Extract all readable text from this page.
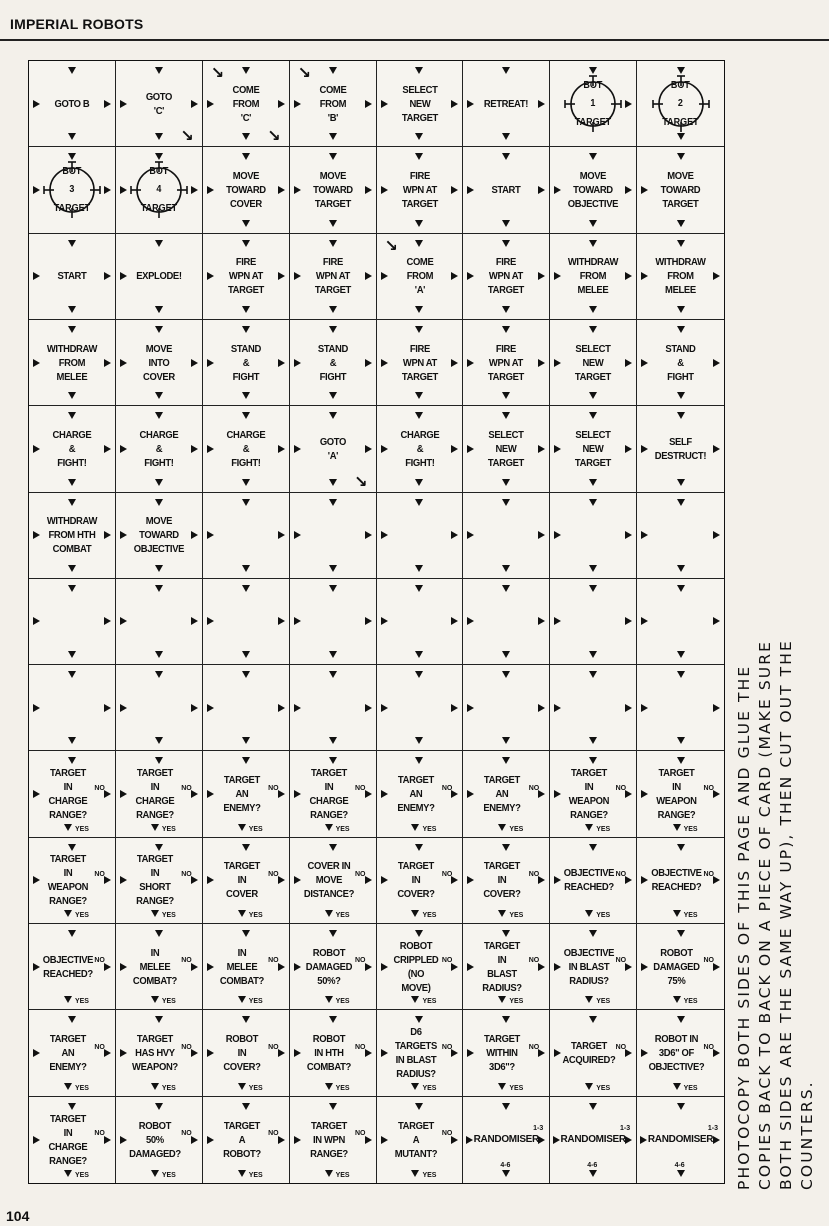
IMPERIAL ROBOTS
GOTO B
GOTO
'C'
↘
COME
FROM
'C'
↘
↘
COME
FROM
'B'
↘
SELECT
NEW
TARGET
RETREAT!
BOT
1
TARGET
BOT
2
TARGET
BOT
3
TARGET
BOT
4
TARGET
MOVE
TOWARD
COVER
MOVE
TOWARD
TARGET
FIRE
WPN AT
TARGET
START
MOVE
TOWARD
OBJECTIVE
MOVE
TOWARD
TARGET
START	EXPLODE!
FIRE
WPN AT
TARGET
FIRE
WPN AT
TARGET
COME
FROM
'A'
↘
FIRE
WPN AT
TARGET
WITHDRAW
FROM
MELEE
WITHDRAW
FROM
MELEE
WITHDRAW
FROM
MELEE
MOVE
INTO
COVER
STAND
&
FIGHT
STAND
&
FIGHT
FIRE
WPN AT
TARGET
FIRE
WPN AT
TARGET
SELECT
NEW
TARGET
STAND
&
FIGHT
CHARGE
&
FIGHT!
CHARGE
&
FIGHT!
CHARGE
&
FIGHT!
GOTO
'A'
↘
CHARGE
&
FIGHT!
SELECT
NEW
TARGET
SELECT
NEW
TARGET
SELF
DESTRUCT!
WITHDRAW
FROM HTH
COMBAT
MOVE
TOWARD
OBJECTIVE
TARGET IN
CHARGE
RANGE?
NO
YES
TARGET IN
CHARGE
RANGE?
NO
YES
TARGET
AN
ENEMY?
NO
YES
TARGET IN
CHARGE
RANGE?
NO
YES
TARGET
AN
ENEMY?
NO
YES
TARGET
AN
ENEMY?
NO
YES
TARGET IN
WEAPON
RANGE?
NO
YES
TARGET IN
WEAPON
RANGE?
NO
YES
TARGET IN
WEAPON
RANGE?
NO
YES
TARGET IN
SHORT
RANGE?
NO
YES
TARGET
IN
COVER
NO
YES
COVER IN
MOVE
DISTANCE?
NO
YES
TARGET
IN
COVER?
NO
YES
TARGET
IN
COVER?
NO
YES
OBJECTIVE
REACHED?
NO
YES
OBJECTIVE
REACHED?
NO
YES
OBJECTIVE
REACHED?
NO
YES
IN
MELEE
COMBAT?
NO
YES
IN
MELEE
COMBAT?
NO
YES
ROBOT
DAMAGED
50%?
NO
YES
ROBOT
CRIPPLED
(NO MOVE)
NO
YES
TARGET IN
BLAST
RADIUS?
NO
YES
OBJECTIVE
IN BLAST
RADIUS?
NO
YES
ROBOT
DAMAGED
75%
NO
YES
TARGET
AN
ENEMY?
NO
YES
TARGET
HAS HVY
WEAPON?
NO
YES
ROBOT
IN
COVER?
NO
YES
ROBOT
IN HTH
COMBAT?
NO
YES
D6 TARGETS
IN BLAST
RADIUS?
NO
YES
TARGET
WITHIN
3D6"?
NO
YES
TARGET
ACQUIRED?
NO
YES
ROBOT IN
3D6" OF
OBJECTIVE?
NO
YES
TARGET IN
CHARGE
RANGE?
NO
YES
ROBOT
50%
DAMAGED?
NO
YES
TARGET
A
ROBOT?
NO
YES
TARGET
IN WPN
RANGE?
NO
YES
TARGET
A
MUTANT?
NO
YES
RANDOMISER
1-3
4-6
RANDOMISER
1-3
4-6
RANDOMISER
1-3
4-6	PHOTOCOPY BOTH SIDES OF THIS PAGE AND GLUE THE
COPIES BACK TO BACK ON A PIECE OF CARD (MAKE SURE
BOTH SIDES ARE THE SAME WAY UP), THEN CUT OUT THE
COUNTERS.
104
